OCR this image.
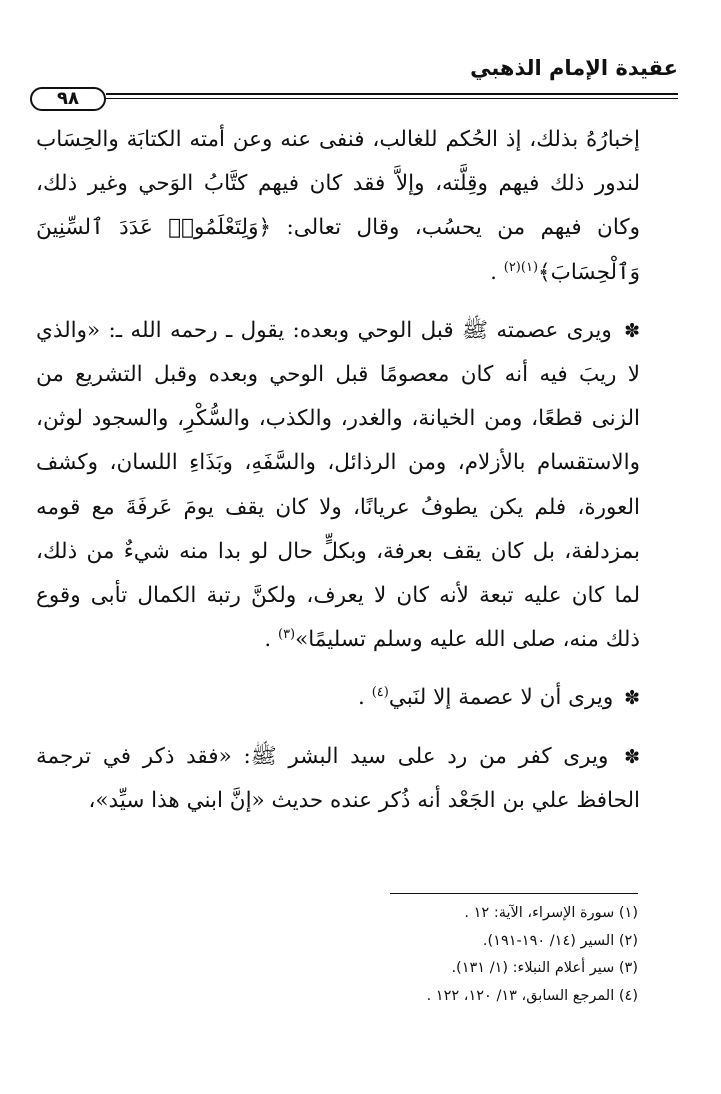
عقيدة الإمام الذهبي
٩٨

إخبارُهُ بذلك، إذ الحُكم للغالب، فنفى عنه وعن أمته الكتابَة والحِسَاب لندور ذلك فيهم وقِلَّته، وإلاَّ فقد كان فيهم كتَّابُ الوَحي وغير ذلك، وكان فيهم من يحسُب، وقال تعالى: ﴿وَلِتَعْلَمُوا۟ عَدَدَ ٱلسِّنِينَ وَٱلْحِسَابَ﴾$^{(١)(٢)}$ .

✽ ويرى عصمته ﷺ قبل الوحي وبعده: يقول ـ رحمه الله ـ: «والذي لا ريبَ فيه أنه كان معصومًا قبل الوحي وبعده وقبل التشريع من الزنى قطعًا، ومن الخيانة، والغدر، والكذب، والسُّكْرِ، والسجود لوثن، والاستقسام بالأزلام، ومن الرذائل، والسَّفَهِ، وبَذَاءِ اللسان، وكشف العورة، فلم يكن يطوفُ عريانًا، ولا كان يقف يومَ عَرفَةَ مع قومه بمزدلفة، بل كان يقف بعرفة، وبكلٍّ حال لو بدا منه شيءٌ من ذلك، لما كان عليه تبعة لأنه كان لا يعرف، ولكنَّ رتبة الكمال تأبى وقوع ذلك منه، صلى الله عليه وسلم تسليمًا»$^{(٣)}$ .

✽ ويرى أن لا عصمة إلا لنَبي$^{(٤)}$ .

✽ ويرى كفر من رد على سيد البشر ﷺ: «فقد ذكر في ترجمة الحافظ علي بن الجَعْد أنه ذُكر عنده حديث «إنَّ ابني هذا سيِّد»،

(١) سورة الإسراء، الآية: ١٢ .

(٢) السير (١٤/ ١٩٠-١٩١).

(٣) سير أعلام النبلاء: (١/ ١٣١).

(٤) المرجع السابق، ١٣/ ١٢٠، ١٢٢ .
